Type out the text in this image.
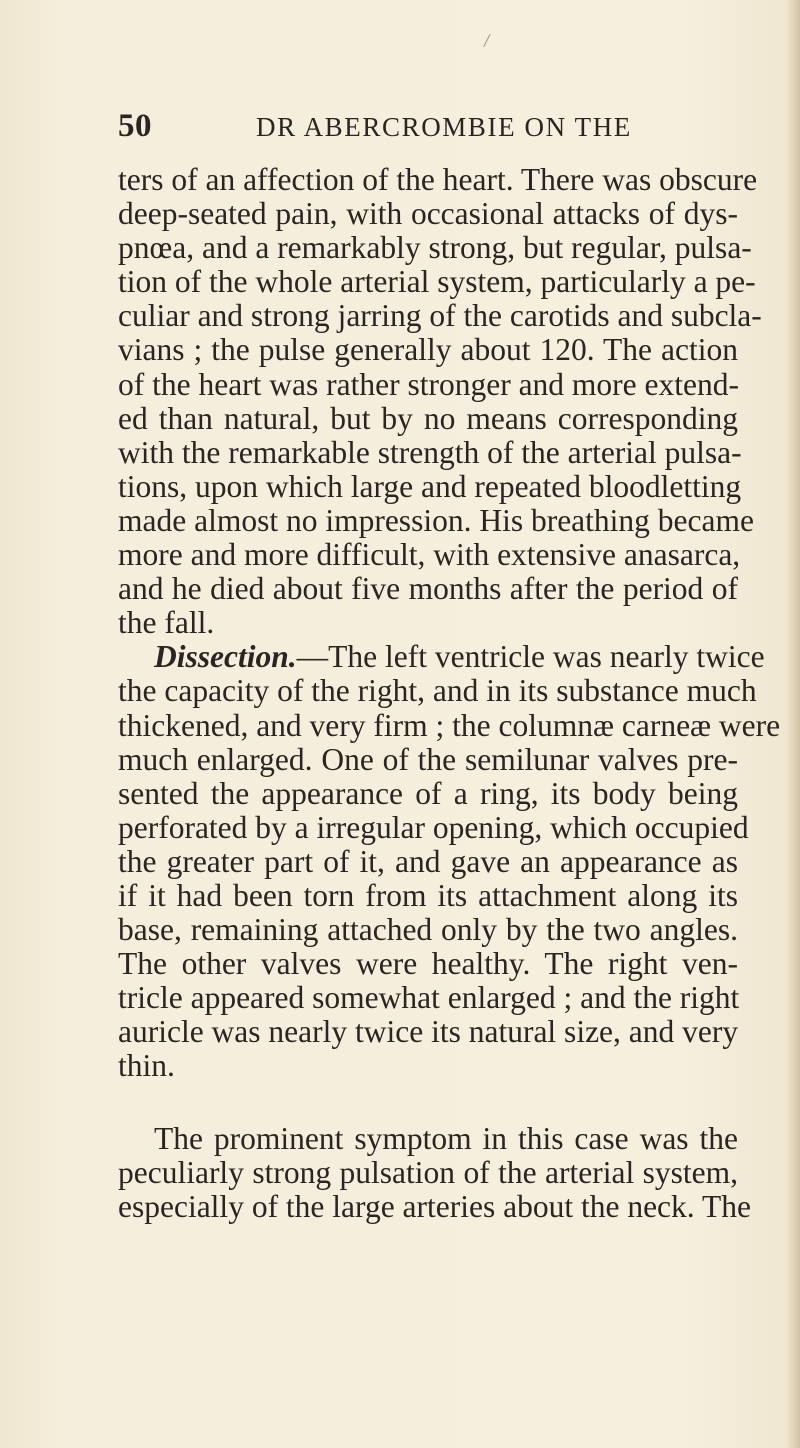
/
50	DR ABERCROMBIE ON THE
ters of an affection of the heart. There was obscure
deep-seated pain, with occasional attacks of dys-
pnœa, and a remarkably strong, but regular, pulsa-
tion of the whole arterial system, particularly a pe-
culiar and strong jarring of the carotids and subcla-
vians ; the pulse generally about 120. The action
of the heart was rather stronger and more extend-
ed than natural, but by no means corresponding
with the remarkable strength of the arterial pulsa-
tions, upon which large and repeated bloodletting
made almost no impression. His breathing became
more and more difficult, with extensive anasarca,
and he died about five months after the period of
the fall.
Dissection.—The left ventricle was nearly twice
the capacity of the right, and in its substance much
thickened, and very firm ; the columnæ carneæ were
much enlarged. One of the semilunar valves pre-
sented the appearance of a ring, its body being
perforated by a irregular opening, which occupied
the greater part of it, and gave an appearance as
if it had been torn from its attachment along its
base, remaining attached only by the two angles.
The other valves were healthy. The right ven-
tricle appeared somewhat enlarged ; and the right
auricle was nearly twice its natural size, and very
thin.
The prominent symptom in this case was the
peculiarly strong pulsation of the arterial system,
especially of the large arteries about the neck. The
